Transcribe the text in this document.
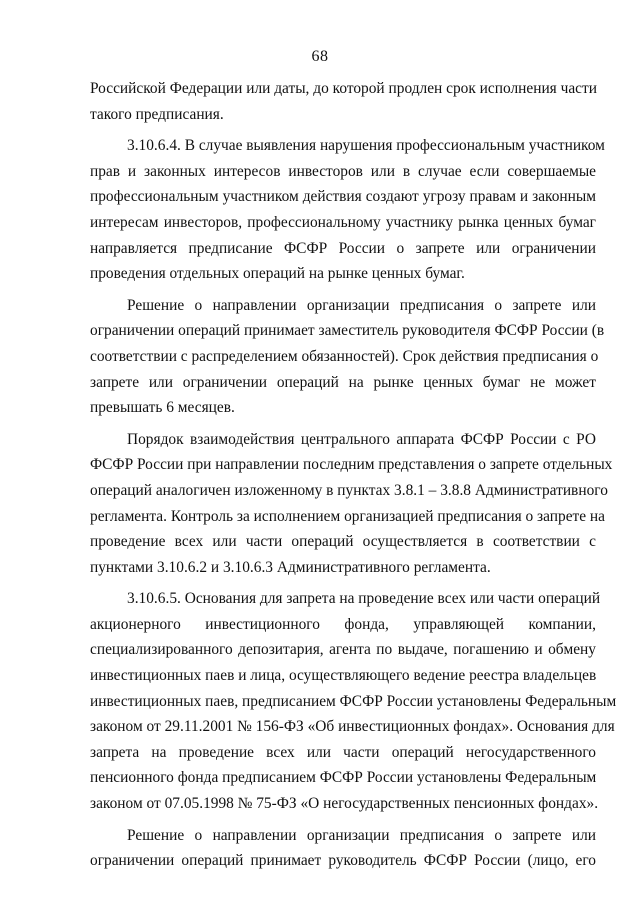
68
Российской Федерации или даты, до которой продлен срок исполнения части
такого предписания.
3.10.6.4. В случае выявления нарушения профессиональным участником
прав и законных интересов инвесторов или в случае если совершаемые
профессиональным участником действия создают угрозу правам и законным
интересам инвесторов, профессиональному участнику рынка ценных бумаг
направляется предписание ФСФР России о запрете или ограничении
проведения отдельных операций на рынке ценных бумаг.
Решение о направлении организации предписания о запрете или
ограничении операций принимает заместитель руководителя ФСФР России (в
соответствии с распределением обязанностей). Срок действия предписания о
запрете или ограничении операций на рынке ценных бумаг не может
превышать 6 месяцев.
Порядок взаимодействия центрального аппарата ФСФР России с РО
ФСФР России при направлении последним представления о запрете отдельных
операций аналогичен изложенному в пунктах 3.8.1 – 3.8.8 Административного
регламента. Контроль за исполнением организацией предписания о запрете на
проведение всех или части операций осуществляется в соответствии с
пунктами 3.10.6.2 и 3.10.6.3 Административного регламента.
3.10.6.5. Основания для запрета на проведение всех или части операций
акционерного инвестиционного фонда, управляющей компании,
специализированного депозитария, агента по выдаче, погашению и обмену
инвестиционных паев и лица, осуществляющего ведение реестра владельцев
инвестиционных паев, предписанием ФСФР России установлены Федеральным
законом от 29.11.2001 № 156-ФЗ «Об инвестиционных фондах». Основания для
запрета на проведение всех или части операций негосударственного
пенсионного фонда предписанием ФСФР России установлены Федеральным
законом от 07.05.1998 № 75-ФЗ «О негосударственных пенсионных фондах».
Решение о направлении организации предписания о запрете или
ограничении операций принимает руководитель ФСФР России (лицо, его
